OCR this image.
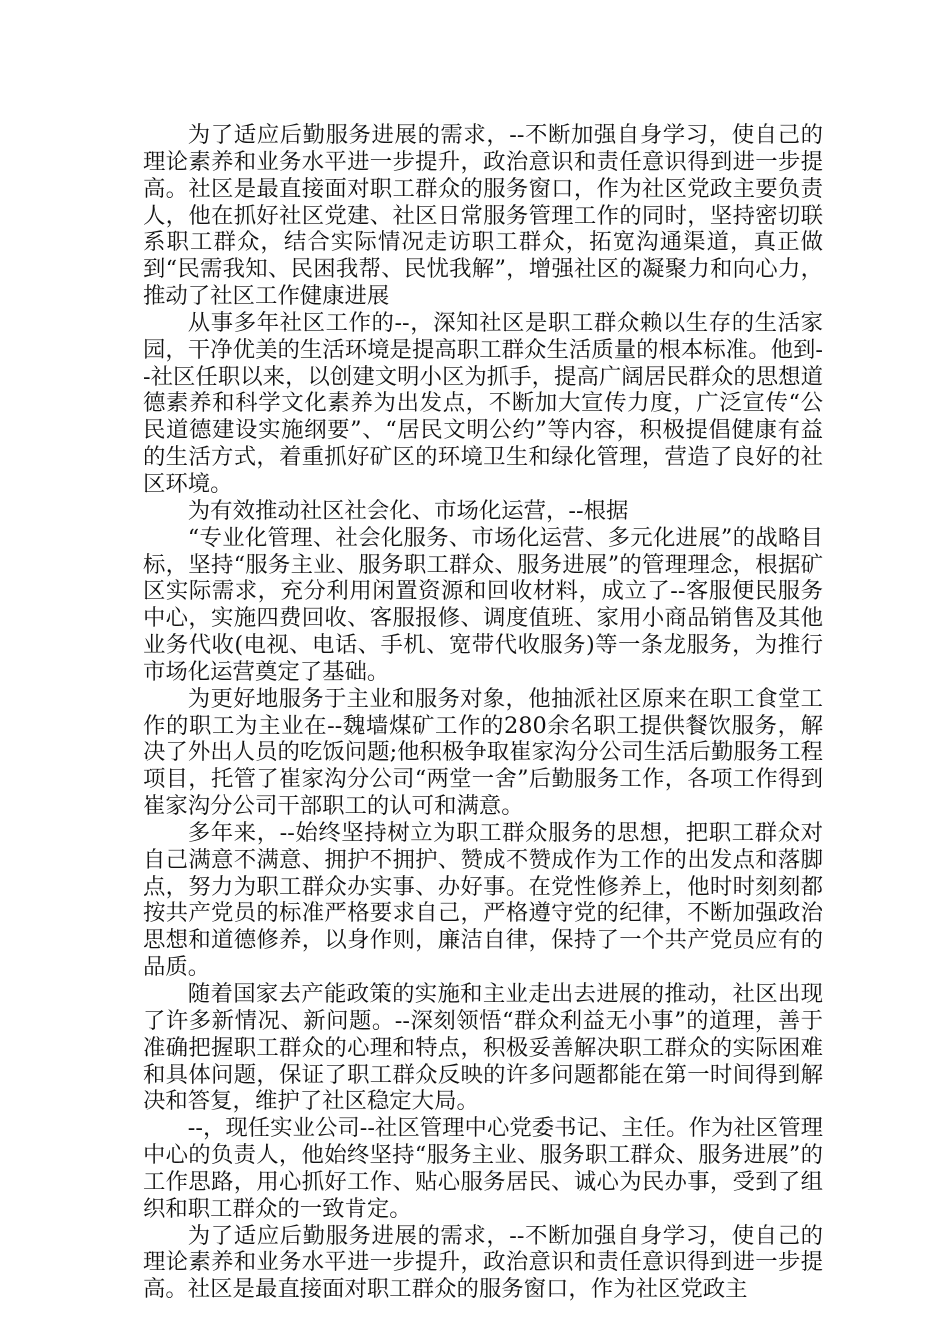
为了适应后勤服务进展的需求，--不断加强自身学习，使自己的理论素养和业务水平进一步提升，政治意识和责任意识得到进一步提高。社区是最直接面对职工群众的服务窗口，作为社区党政主要负责人，他在抓好社区党建、社区日常服务管理工作的同时，坚持密切联系职工群众，结合实际情况走访职工群众，拓宽沟通渠道，真正做到“民需我知、民困我帮、民忧我解”，增强社区的凝聚力和向心力，推动了社区工作健康进展

从事多年社区工作的--，深知社区是职工群众赖以生存的生活家园，干净优美的生活环境是提高职工群众生活质量的根本标准。他到--社区任职以来，以创建文明小区为抓手，提高广阔居民群众的思想道德素养和科学文化素养为出发点，不断加大宣传力度，广泛宣传“公民道德建设实施纲要”、“居民文明公约”等内容，积极提倡健康有益的生活方式，着重抓好矿区的环境卫生和绿化管理，营造了良好的社区环境。

为有效推动社区社会化、市场化运营，--根据

“专业化管理、社会化服务、市场化运营、多元化进展”的战略目标，坚持“服务主业、服务职工群众、服务进展”的管理理念，根据矿区实际需求，充分利用闲置资源和回收材料，成立了--客服便民服务中心，实施四费回收、客服报修、调度值班、家用小商品销售及其他业务代收(电视、电话、手机、宽带代收服务)等一条龙服务，为推行市场化运营奠定了基础。

为更好地服务于主业和服务对象，他抽派社区原来在职工食堂工作的职工为主业在--魏墙煤矿工作的280余名职工提供餐饮服务，解决了外出人员的吃饭问题;他积极争取崔家沟分公司生活后勤服务工程项目，托管了崔家沟分公司“两堂一舍”后勤服务工作，各项工作得到崔家沟分公司干部职工的认可和满意。

多年来，--始终坚持树立为职工群众服务的思想，把职工群众对自己满意不满意、拥护不拥护、赞成不赞成作为工作的出发点和落脚点，努力为职工群众办实事、办好事。在党性修养上，他时时刻刻都按共产党员的标准严格要求自己，严格遵守党的纪律，不断加强政治思想和道德修养，以身作则，廉洁自律，保持了一个共产党员应有的品质。

随着国家去产能政策的实施和主业走出去进展的推动，社区出现了许多新情况、新问题。--深刻领悟“群众利益无小事”的道理，善于准确把握职工群众的心理和特点，积极妥善解决职工群众的实际困难和具体问题，保证了职工群众反映的许多问题都能在第一时间得到解决和答复，维护了社区稳定大局。

--，现任实业公司--社区管理中心党委书记、主任。作为社区管理中心的负责人，他始终坚持“服务主业、服务职工群众、服务进展”的工作思路，用心抓好工作、贴心服务居民、诚心为民办事，受到了组织和职工群众的一致肯定。

为了适应后勤服务进展的需求，--不断加强自身学习，使自己的理论素养和业务水平进一步提升，政治意识和责任意识得到进一步提高。社区是最直接面对职工群众的服务窗口，作为社区党政主
